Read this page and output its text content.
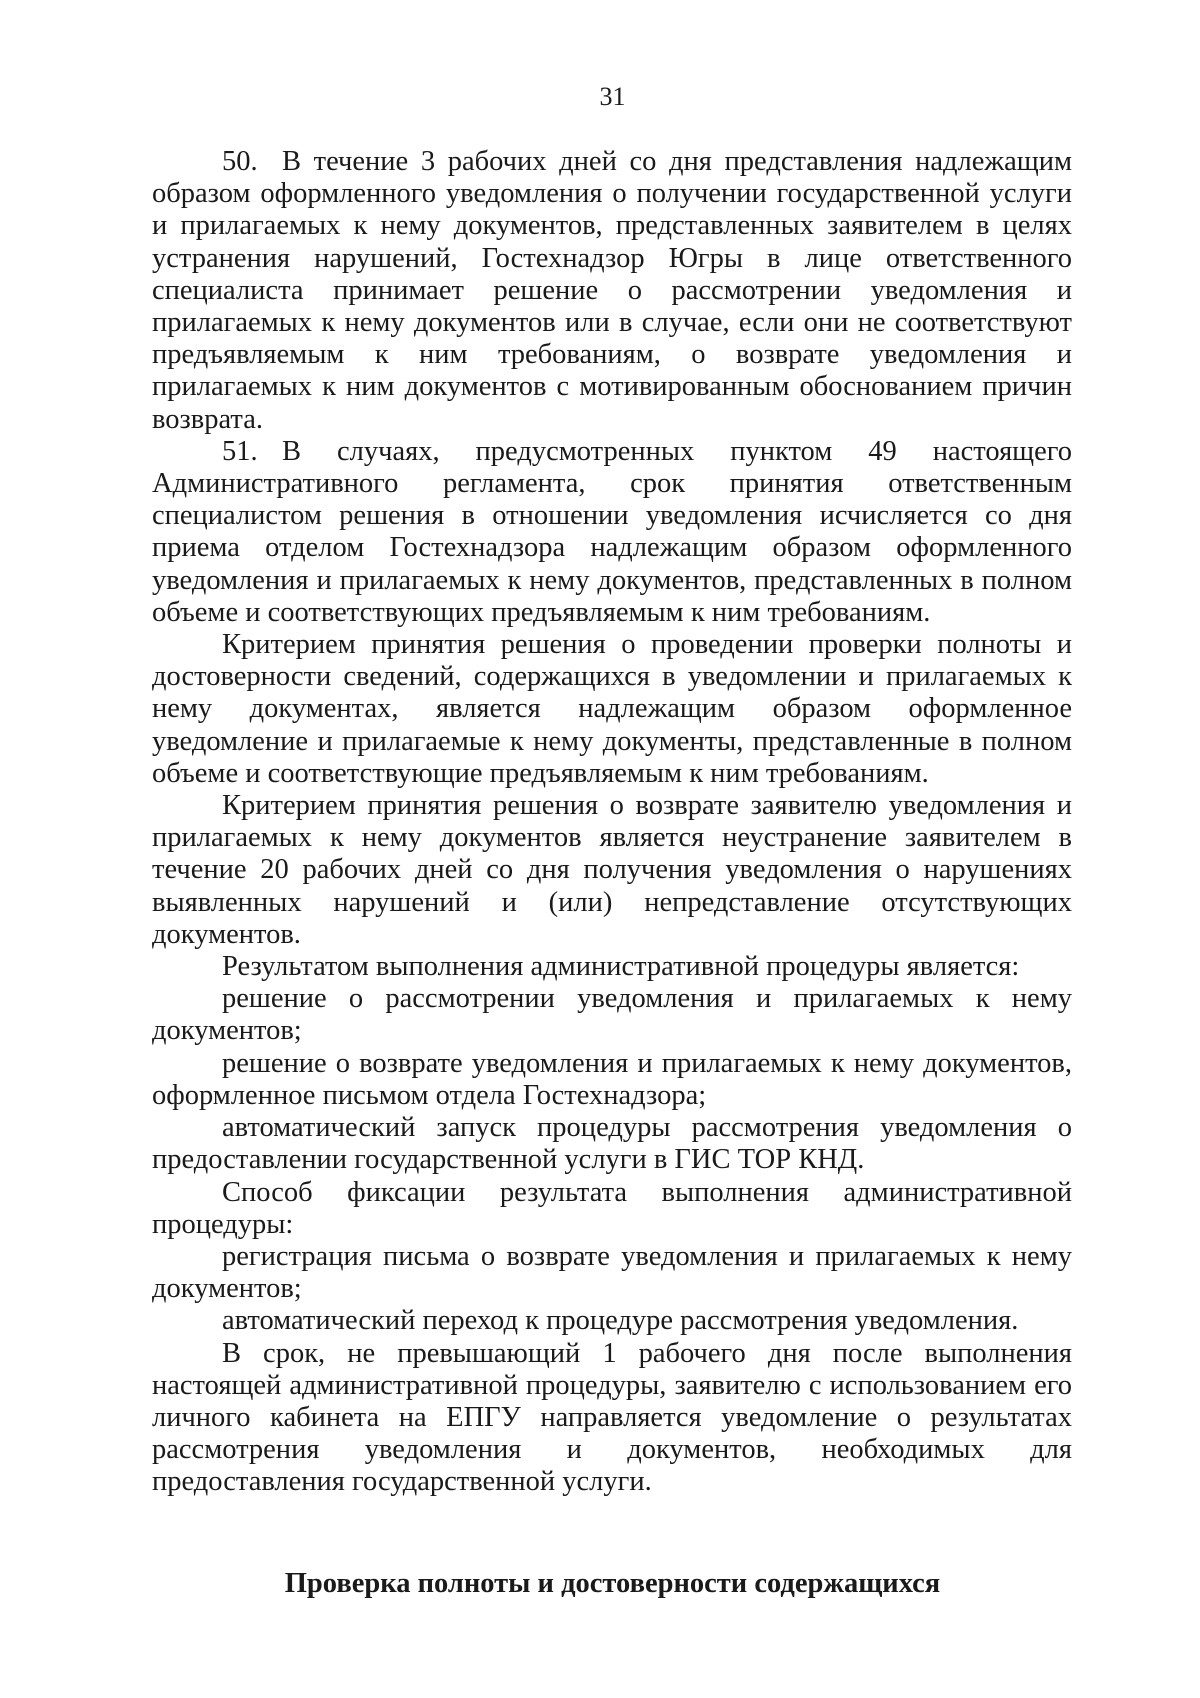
31

50. В течение 3 рабочих дней со дня представления надлежащим образом оформленного уведомления о получении государственной услуги и прилагаемых к нему документов, представленных заявителем в целях устранения нарушений, Гостехнадзор Югры в лице ответственного специалиста принимает решение о рассмотрении уведомления и прилагаемых к нему документов или в случае, если они не соответствуют предъявляемым к ним требованиям, о возврате уведомления и прилагаемых к ним документов с мотивированным обоснованием причин возврата.

51. В случаях, предусмотренных пунктом 49 настоящего Административного регламента, срок принятия ответственным специалистом решения в отношении уведомления исчисляется со дня приема отделом Гостехнадзора надлежащим образом оформленного уведомления и прилагаемых к нему документов, представленных в полном объеме и соответствующих предъявляемым к ним требованиям.

Критерием принятия решения о проведении проверки полноты и достоверности сведений, содержащихся в уведомлении и прилагаемых к нему документах, является надлежащим образом оформленное уведомление и прилагаемые к нему документы, представленные в полном объеме и соответствующие предъявляемым к ним требованиям.

Критерием принятия решения о возврате заявителю уведомления и прилагаемых к нему документов является неустранение заявителем в течение 20 рабочих дней со дня получения уведомления о нарушениях выявленных нарушений и (или) непредставление отсутствующих документов.

Результатом выполнения административной процедуры является:

решение о рассмотрении уведомления и прилагаемых к нему документов;

решение о возврате уведомления и прилагаемых к нему документов, оформленное письмом отдела Гостехнадзора;

автоматический запуск процедуры рассмотрения уведомления о предоставлении государственной услуги в ГИС ТОР КНД.

Способ фиксации результата выполнения административной процедуры:

регистрация письма о возврате уведомления и прилагаемых к нему документов;

автоматический переход к процедуре рассмотрения уведомления.

В срок, не превышающий 1 рабочего дня после выполнения настоящей административной процедуры, заявителю с использованием его личного кабинета на ЕПГУ направляется уведомление о результатах рассмотрения уведомления и документов, необходимых для предоставления государственной услуги.

Проверка полноты и достоверности содержащихся
